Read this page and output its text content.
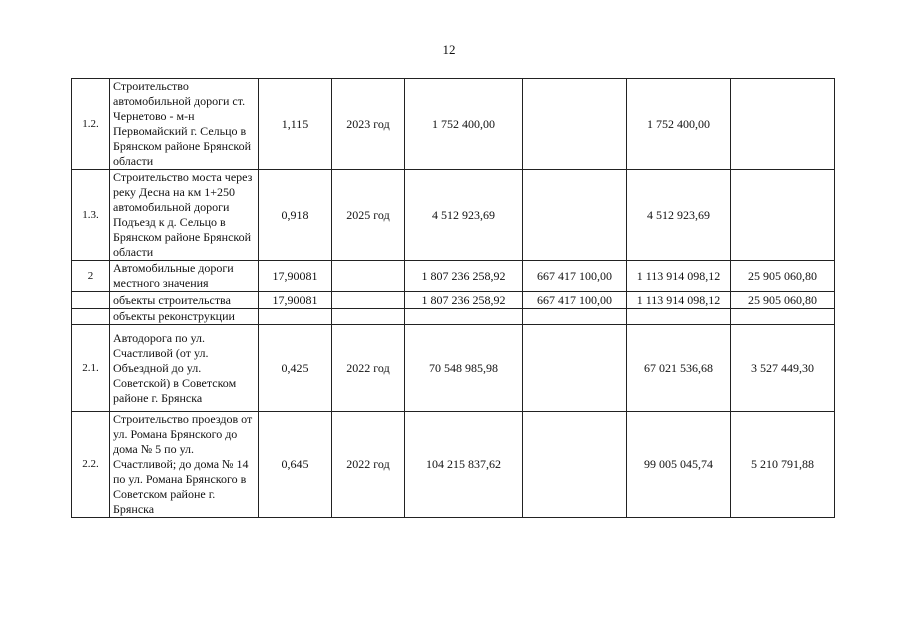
12
1.2.	Строительство автомобильной дороги ст. Чернетово - м-н Первомайский г. Сельцо в Брянском районе Брянской области	1,115	2023 год	1 752 400,00		1 752 400,00	
1.3.	Строительство моста через реку Десна на км 1+250 автомобильной дороги Подъезд к д. Сельцо в Брянском районе Брянской области	0,918	2025 год	4 512 923,69		4 512 923,69	
2	Автомобильные дороги местного значения	17,90081		1 807 236 258,92	667 417 100,00	1 113 914 098,12	25 905 060,80
	объекты строительства	17,90081		1 807 236 258,92	667 417 100,00	1 113 914 098,12	25 905 060,80
	объекты реконструкции						
2.1.	Автодорога по ул. Счастливой (от ул. Объездной до ул. Советской) в Советском районе г. Брянска	0,425	2022 год	70 548 985,98		67 021 536,68	3 527 449,30
2.2.	Строительство проездов от ул. Романа Брянского до дома № 5 по ул. Счастливой; до дома № 14 по ул. Романа Брянского в Советском районе г. Брянска	0,645	2022 год	104 215 837,62		99 005 045,74	5 210 791,88
